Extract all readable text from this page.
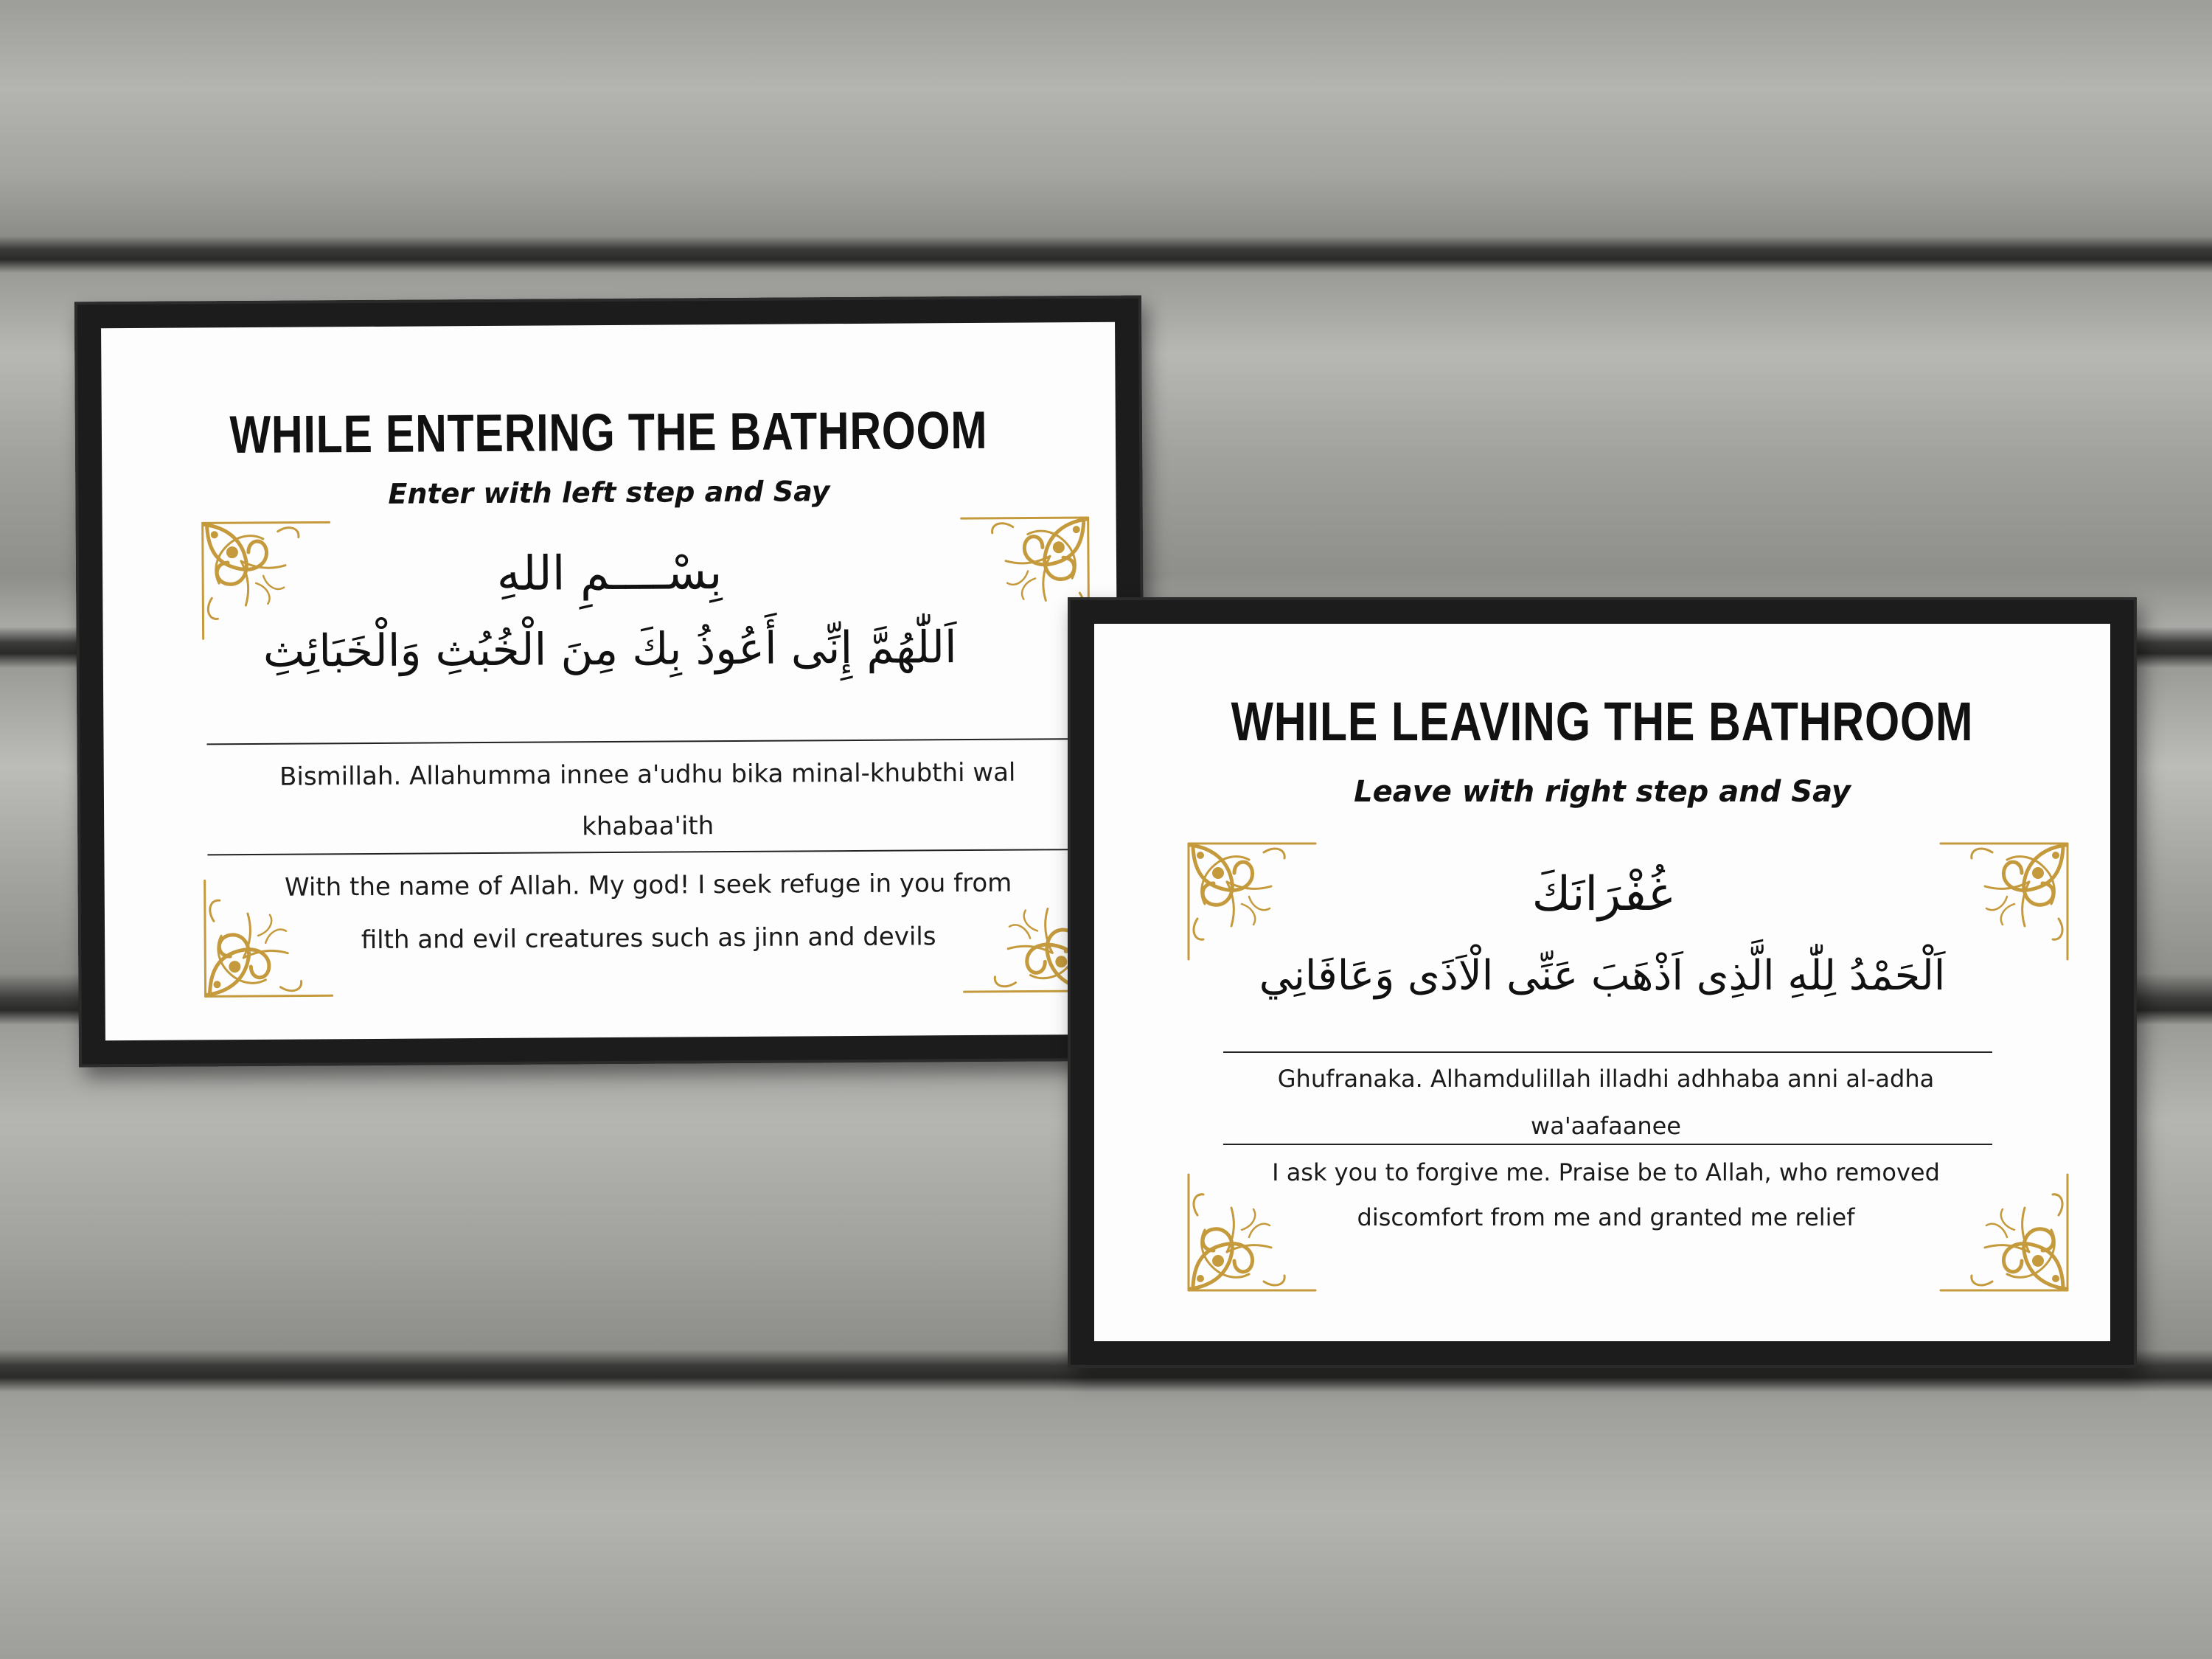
WHILE ENTERING THE BATHROOM
Enter with left step and Say
بِسْــــمِ اللهِ
اَللّٰهُمَّ إِنِّى أَعُوذُ بِكَ مِنَ الْخُبُثِ وَالْخَبَائِثِ
Bismillah. Allahumma innee a'udhu bika minal-khubthi wal
khabaa'ith
With the name of Allah. My god! I seek refuge in you from
filth and evil creatures such as jinn and devils
WHILE LEAVING THE BATHROOM
Leave with right step and Say
غُفْرَانَكَ
اَلْحَمْدُ لِلّٰهِ الَّذِى اَذْهَبَ عَنِّى الْاَذَى وَعَافَانِي
Ghufranaka. Alhamdulillah illadhi adhhaba anni al-adha
wa'aafaanee
I ask you to forgive me. Praise be to Allah, who removed
discomfort from me and granted me relief
